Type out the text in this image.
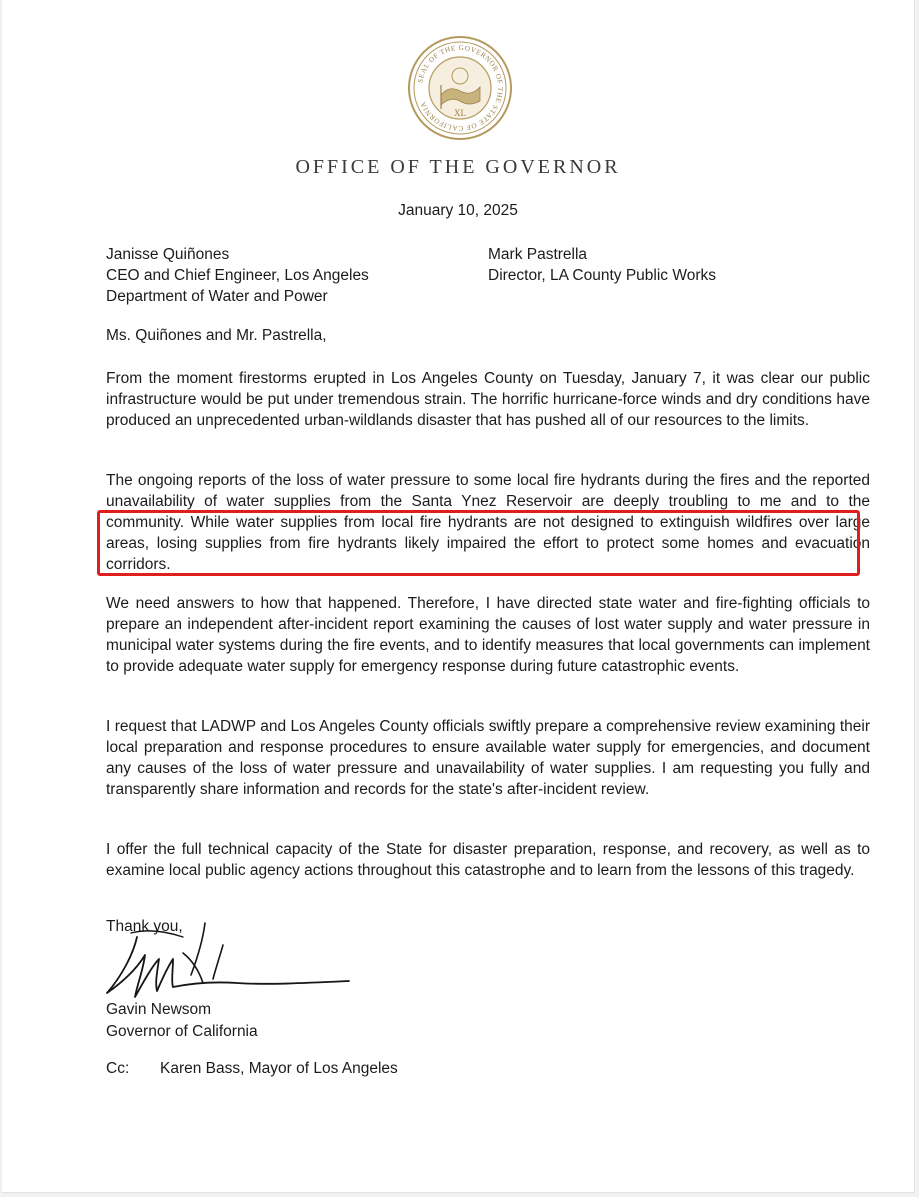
SEAL OF THE GOVERNOR OF THE STATE OF CALIFORNIA
XL
OFFICE OF THE GOVERNOR
January 10, 2025
Janisse Quiñones
CEO and Chief Engineer, Los Angeles
Department of Water and Power
Mark Pastrella
Director, LA County Public Works
Ms. Quiñones and Mr. Pastrella,
From the moment firestorms erupted in Los Angeles County on Tuesday, January 7, it was clear our public infrastructure would be put under tremendous strain. The horrific hurricane-force winds and dry conditions have produced an unprecedented urban-wildlands disaster that has pushed all of our resources to the limits.
The ongoing reports of the loss of water pressure to some local fire hydrants during the fires and the reported unavailability of water supplies from the Santa Ynez Reservoir are deeply troubling to me and to the community. While water supplies from local fire hydrants are not designed to extinguish wildfires over large areas, losing supplies from fire hydrants likely impaired the effort to protect some homes and evacuation corridors.
We need answers to how that happened. Therefore, I have directed state water and fire-fighting officials to prepare an independent after-incident report examining the causes of lost water supply and water pressure in municipal water systems during the fire events, and to identify measures that local governments can implement to provide adequate water supply for emergency response during future catastrophic events.
I request that LADWP and Los Angeles County officials swiftly prepare a comprehensive review examining their local preparation and response procedures to ensure available water supply for emergencies, and document any causes of the loss of water pressure and unavailability of water supplies. I am requesting you fully and transparently share information and records for the state's after-incident review.
I offer the full technical capacity of the State for disaster preparation, response, and recovery, as well as to examine local public agency actions throughout this catastrophe and to learn from the lessons of this tragedy.
Thank you,
Gavin Newsom
Governor of California
Cc: Karen Bass, Mayor of Los Angeles
